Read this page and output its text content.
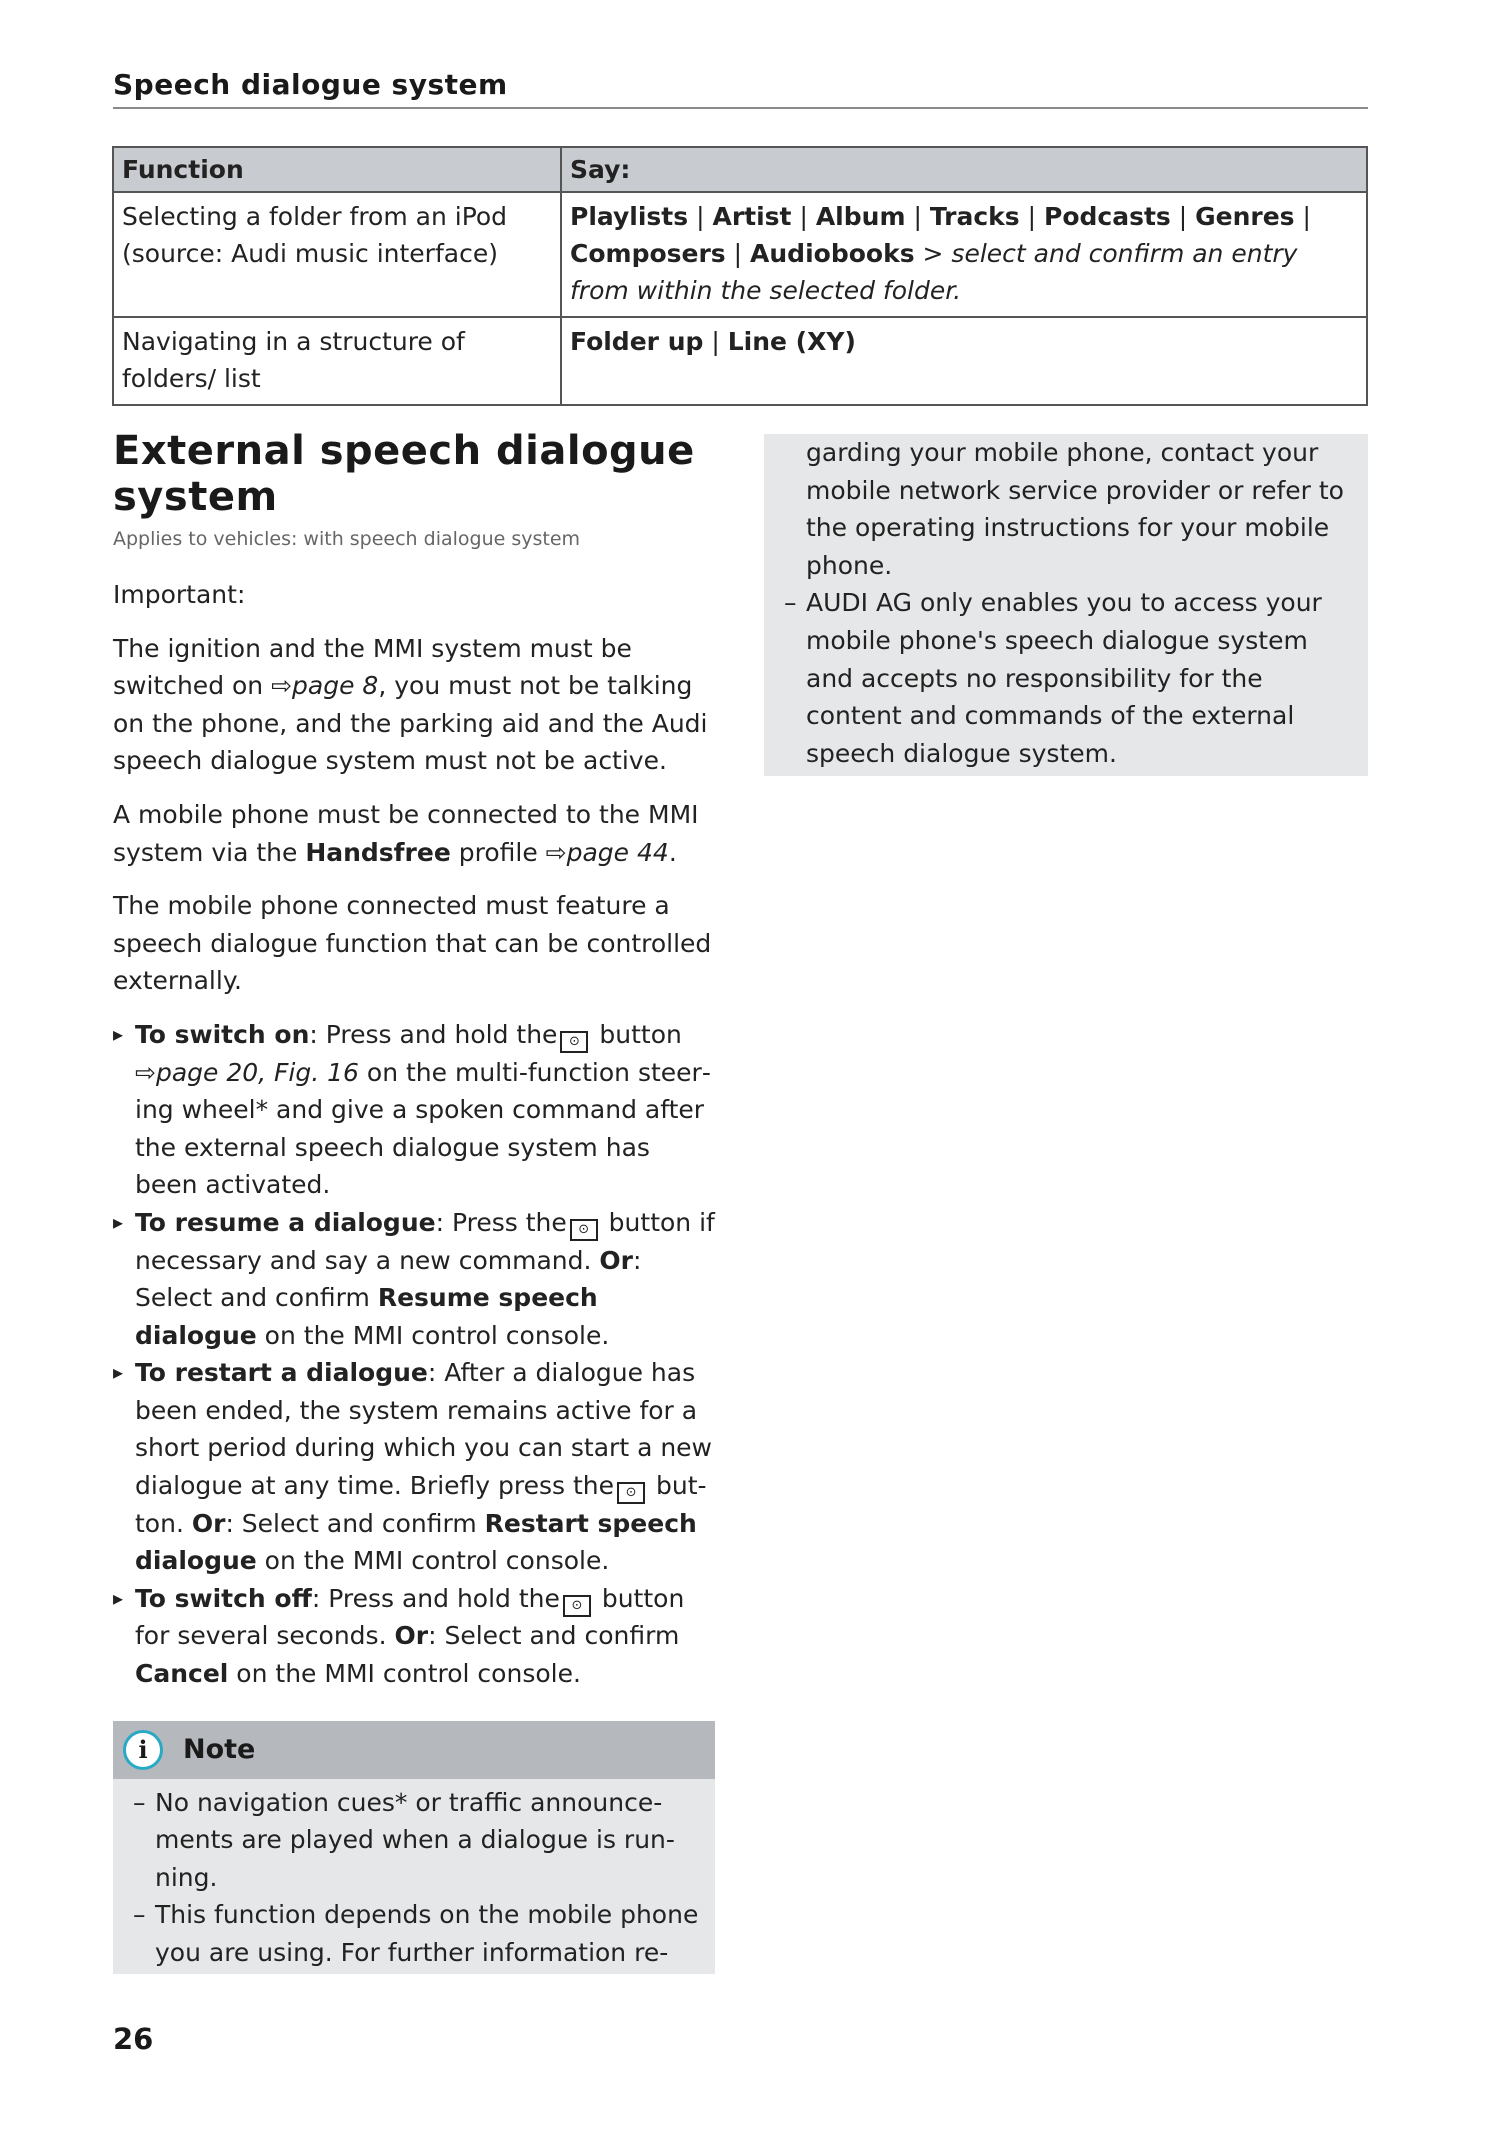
Speech dialogue system
Function	Say:
Selecting a folder from an iPod (source: Audi music interface)	Playlists | Artist | Album | Tracks | Podcasts | Genres | Composers | Audiobooks > select and confirm an entry from within the selected folder.
Navigating in a structure of folders/ list	Folder up | Line (XY)
External speech dialogue system
Applies to vehicles: with speech dialogue system
Important:
The ignition and the MMI system must be switched on ⇨page 8, you must not be talking on the phone, and the parking aid and the Audi speech dialogue system must not be active.
A mobile phone must be connected to the MMI system via the Handsfree profile ⇨page 44.
The mobile phone connected must feature a speech dialogue function that can be controlled externally.
▸ To switch on: Press and hold the ⊙ button ⇨page 20, Fig. 16 on the multi-function steering wheel* and give a spoken command after the external speech dialogue system has been activated.
▸ To resume a dialogue: Press the ⊙ button if necessary and say a new command. Or: Select and confirm Resume speech dialogue on the MMI control console.
▸ To restart a dialogue: After a dialogue has been ended, the system remains active for a short period during which you can start a new dialogue at any time. Briefly press the ⊙ button. Or: Select and confirm Restart speech dialogue on the MMI control console.
▸ To switch off: Press and hold the ⊙ button for several seconds. Or: Select and confirm Cancel on the MMI control console.
i	Note
– No navigation cues* or traffic announcements are played when a dialogue is running.
– This function depends on the mobile phone you are using. For further information re-
garding your mobile phone, contact your mobile network service provider or refer to the operating instructions for your mobile phone.
– AUDI AG only enables you to access your mobile phone's speech dialogue system and accepts no responsibility for the content and commands of the external speech dialogue system.
26
